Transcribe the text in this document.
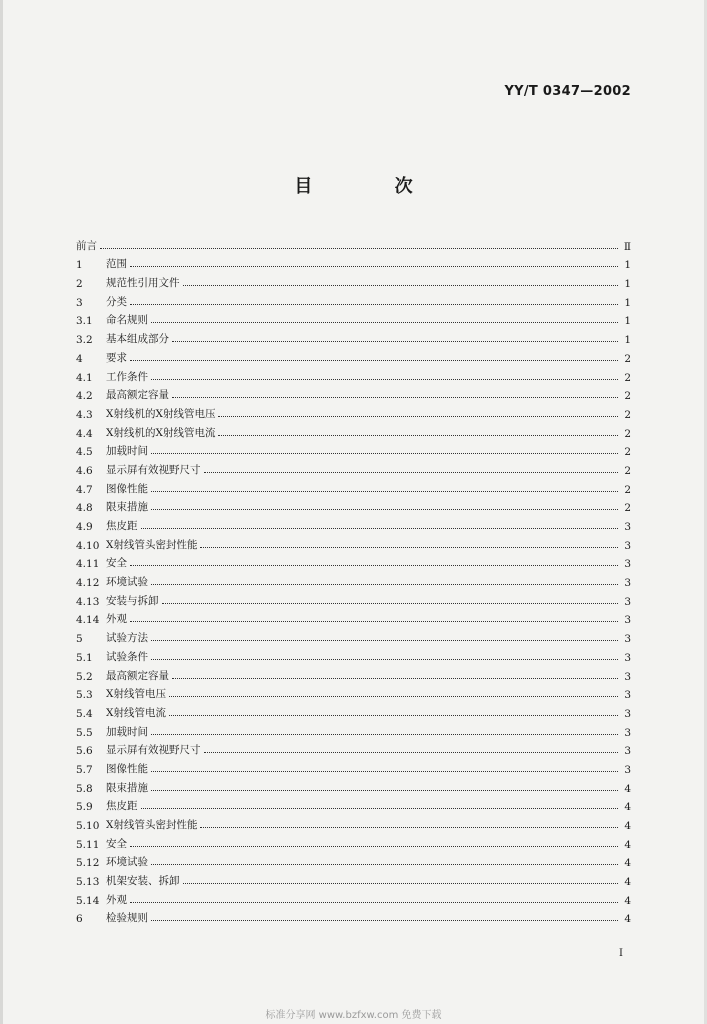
YY/T 0347—2002
目 次
前言	Ⅱ
1	范围	1
2	规范性引用文件	1
3	分类	1
3.1	命名规则	1
3.2	基本组成部分	1
4	要求	2
4.1	工作条件	2
4.2	最高额定容量	2
4.3	X射线机的X射线管电压	2
4.4	X射线机的X射线管电流	2
4.5	加载时间	2
4.6	显示屏有效视野尺寸	2
4.7	图像性能	2
4.8	限束措施	2
4.9	焦皮距	3
4.10 X射线管头密封性能	3
4.11 安全	3
4.12 环境试验	3
4.13 安装与拆卸	3
4.14 外观	3
5	试验方法	3
5.1	试验条件	3
5.2	最高额定容量	3
5.3	X射线管电压	3
5.4	X射线管电流	3
5.5	加载时间	3
5.6	显示屏有效视野尺寸	3
5.7	图像性能	3
5.8	限束措施	4
5.9	焦皮距	4
5.10 X射线管头密封性能	4
5.11 安全	4
5.12 环境试验	4
5.13 机架安装、拆卸	4
5.14 外观	4
6	检验规则	4
I
标准分享网 www.bzfxw.com 免费下载
